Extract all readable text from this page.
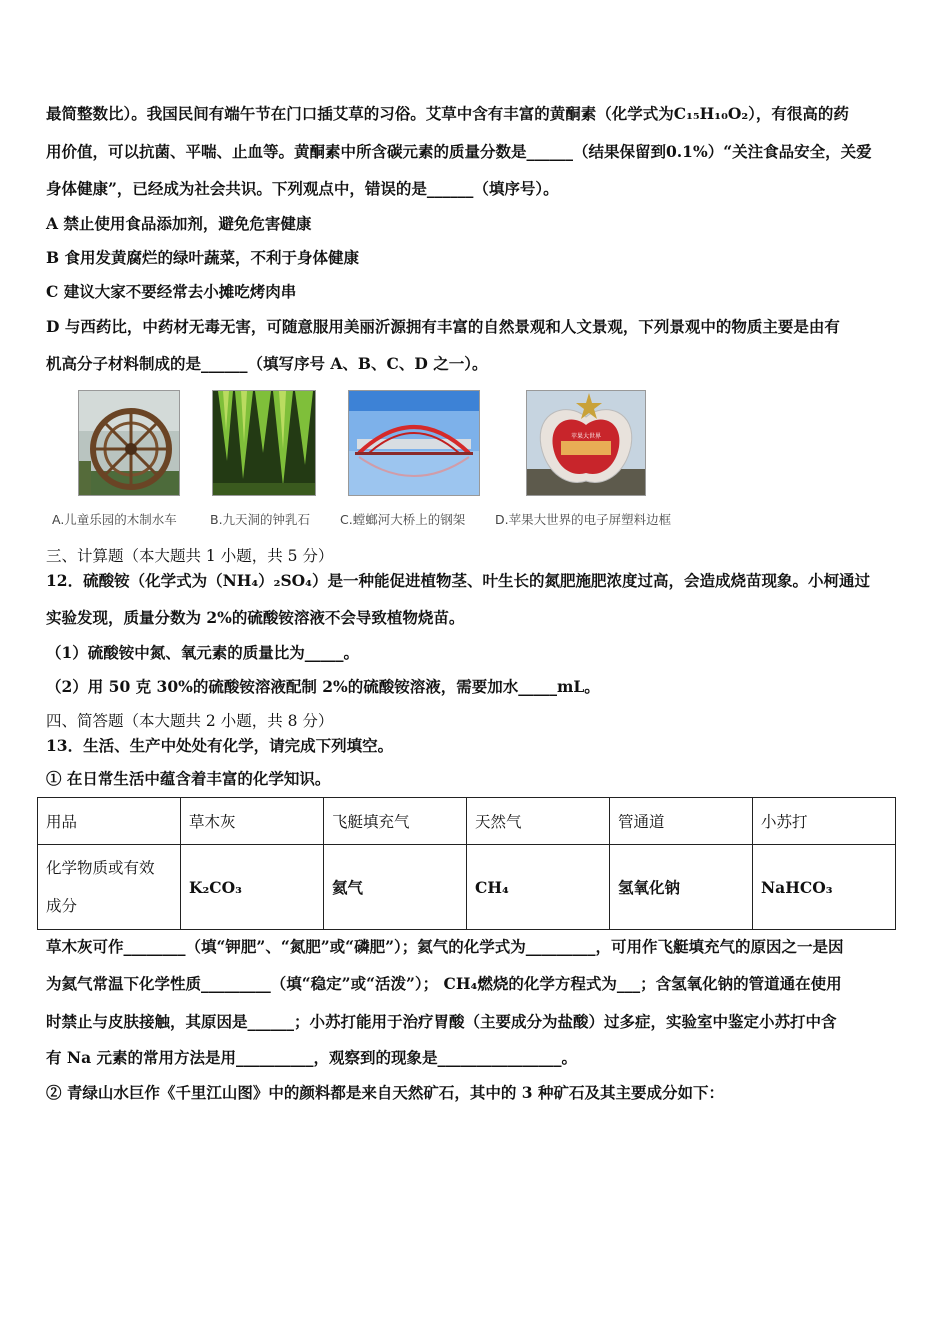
最简整数比）。我国民间有端午节在门口插艾草的习俗。艾草中含有丰富的黄酮素（化学式为C₁₅H₁₀O₂），有很高的药
用价值，可以抗菌、平喘、止血等。黄酮素中所含碳元素的质量分数是______（结果保留到0.1%）“关注食品安全，关爱
身体健康”，已经成为社会共识。下列观点中，错误的是______（填序号）。
A 禁止使用食品添加剂，避免危害健康
B 食用发黄腐烂的绿叶蔬菜，不利于身体健康
C 建议大家不要经常去小摊吃烤肉串
D 与西药比，中药材无毒无害，可随意服用美丽沂源拥有丰富的自然景观和人文景观，下列景观中的物质主要是由有
机高分子材料制成的是______（填写序号 A、B、C、D 之一）。
苹果大世界
A.儿童乐园的木制水车	B.九天洞的钟乳石 C.螳螂河大桥上的钢架 D.苹果大世界的电子屏塑料边框
三、计算题（本大题共 1 小题，共 5 分）
12．硫酸铵（化学式为（NH₄）₂SO₄）是一种能促进植物茎、叶生长的氮肥施肥浓度过高，会造成烧苗现象。小柯通过
实验发现，质量分数为 2%的硫酸铵溶液不会导致植物烧苗。
（1）硫酸铵中氮、氧元素的质量比为_____。
（2）用 50 克 30%的硫酸铵溶液配制 2%的硫酸铵溶液，需要加水_____mL。
四、简答题（本大题共 2 小题，共 8 分）
13．生活、生产中处处有化学，请完成下列填空。
① 在日常生活中蕴含着丰富的化学知识。
用品	草木灰	飞艇填充气	天然气	管通道	小苏打
化学物质或有效
成分	K₂CO₃	氦气	CH₄	氢氧化钠	NaHCO₃
草木灰可作________（填“钾肥”、“氮肥”或“磷肥”）；氦气的化学式为_________，可用作飞艇填充气的原因之一是因
为氦气常温下化学性质_________（填“稳定”或“活泼”）； CH₄燃烧的化学方程式为___；含氢氧化钠的管道通在使用
时禁止与皮肤接触，其原因是______；小苏打能用于治疗胃酸（主要成分为盐酸）过多症，实验室中鉴定小苏打中含
有 Na 元素的常用方法是用__________，观察到的现象是________________。
② 青绿山水巨作《千里江山图》中的颜料都是来自天然矿石，其中的 3 种矿石及其主要成分如下：
